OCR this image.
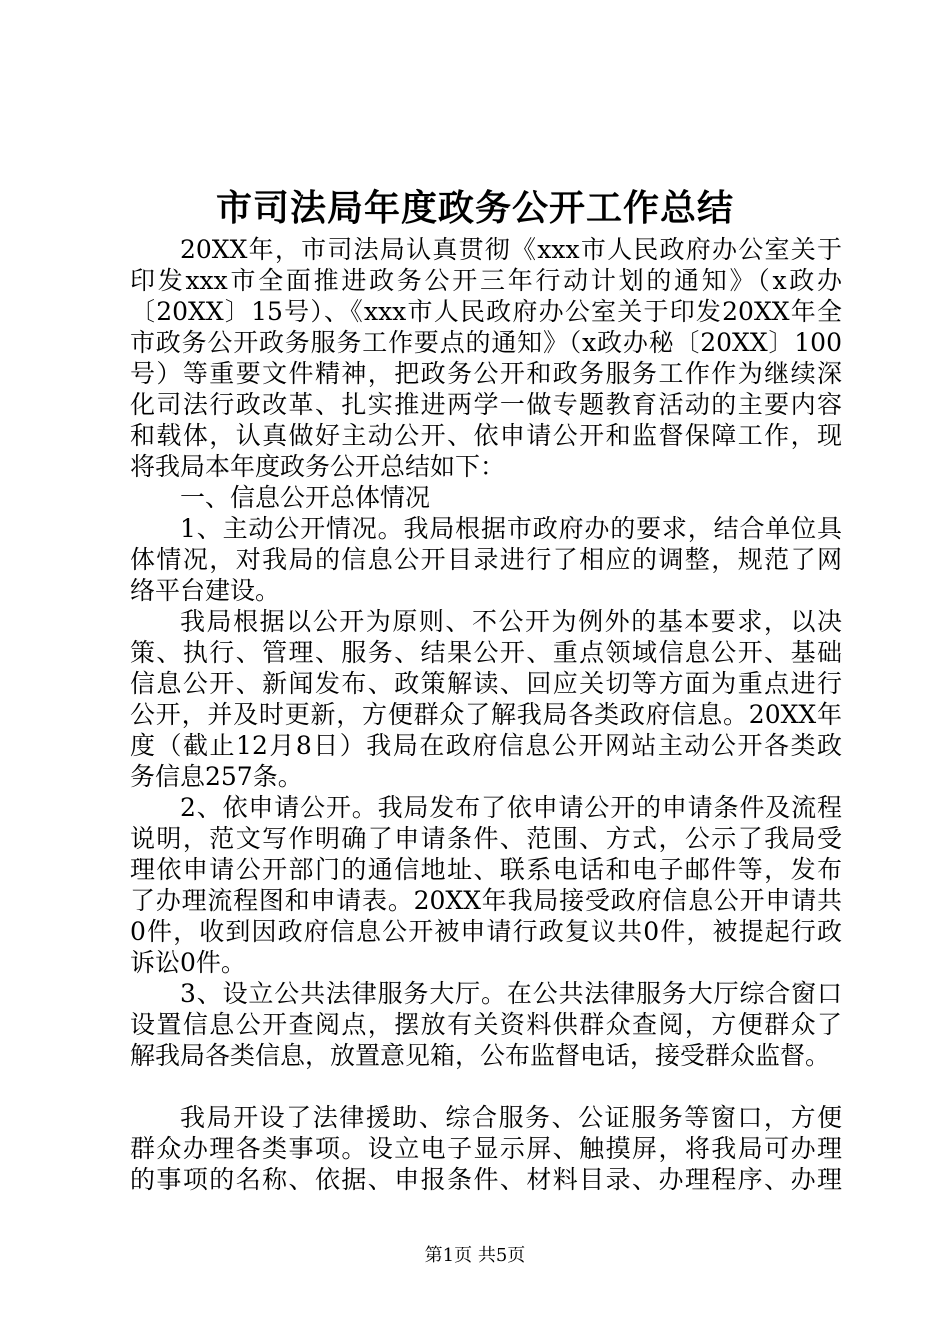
市司法局年度政务公开工作总结
20XX年，市司法局认真贯彻《xxx市人民政府办公室关于
印发xxx市全面推进政务公开三年行动计划的通知》（x政办
〔20XX〕15号）、《xxx市人民政府办公室关于印发20XX年全
市政务公开政务服务工作要点的通知》（x政办秘〔20XX〕100
号）等重要文件精神，把政务公开和政务服务工作作为继续深
化司法行政改革、扎实推进两学一做专题教育活动的主要内容
和载体，认真做好主动公开、依申请公开和监督保障工作，现
将我局本年度政务公开总结如下：
一、信息公开总体情况
1、主动公开情况。我局根据市政府办的要求，结合单位具
体情况，对我局的信息公开目录进行了相应的调整，规范了网
络平台建设。
我局根据以公开为原则、不公开为例外的基本要求，以决
策、执行、管理、服务、结果公开、重点领域信息公开、基础
信息公开、新闻发布、政策解读、回应关切等方面为重点进行
公开，并及时更新，方便群众了解我局各类政府信息。20XX年
度（截止12月8日）我局在政府信息公开网站主动公开各类政
务信息257条。
2、依申请公开。我局发布了依申请公开的申请条件及流程
说明，范文写作明确了申请条件、范围、方式，公示了我局受
理依申请公开部门的通信地址、联系电话和电子邮件等，发布
了办理流程图和申请表。20XX年我局接受政府信息公开申请共
0件，收到因政府信息公开被申请行政复议共0件，被提起行政
诉讼0件。
3、设立公共法律服务大厅。在公共法律服务大厅综合窗口
设置信息公开查阅点，摆放有关资料供群众查阅，方便群众了
解我局各类信息，放置意见箱，公布监督电话，接受群众监督。
我局开设了法律援助、综合服务、公证服务等窗口，方便
群众办理各类事项。设立电子显示屏、触摸屏，将我局可办理
的事项的名称、依据、申报条件、材料目录、办理程序、办理
第1页 共5页
